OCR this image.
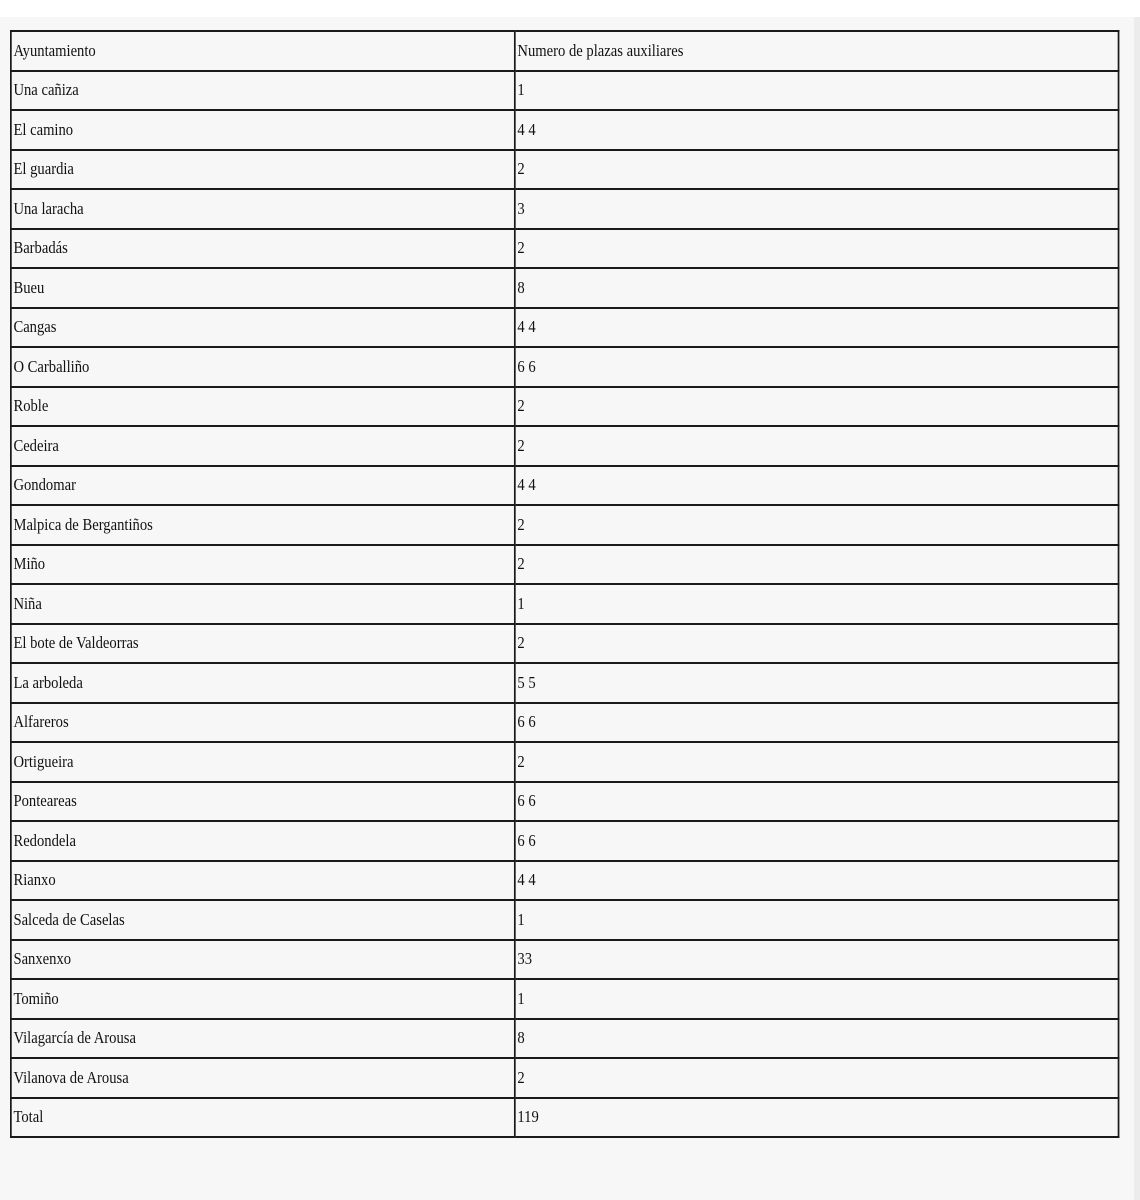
Ayuntamiento	Numero de plazas auxiliares
Una cañiza	1
El camino	4 4
El guardia	2
Una laracha	3
Barbadás	2
Bueu	8
Cangas	4 4
O Carballiño	6 6
Roble	2
Cedeira	2
Gondomar	4 4
Malpica de Bergantiños	2
Miño	2
Niña	1
El bote de Valdeorras	2
La arboleda	5 5
Alfareros	6 6
Ortigueira	2
Ponteareas	6 6
Redondela	6 6
Rianxo	4 4
Salceda de Caselas	1
Sanxenxo	33
Tomiño	1
Vilagarcía de Arousa	8
Vilanova de Arousa	2
Total	119
